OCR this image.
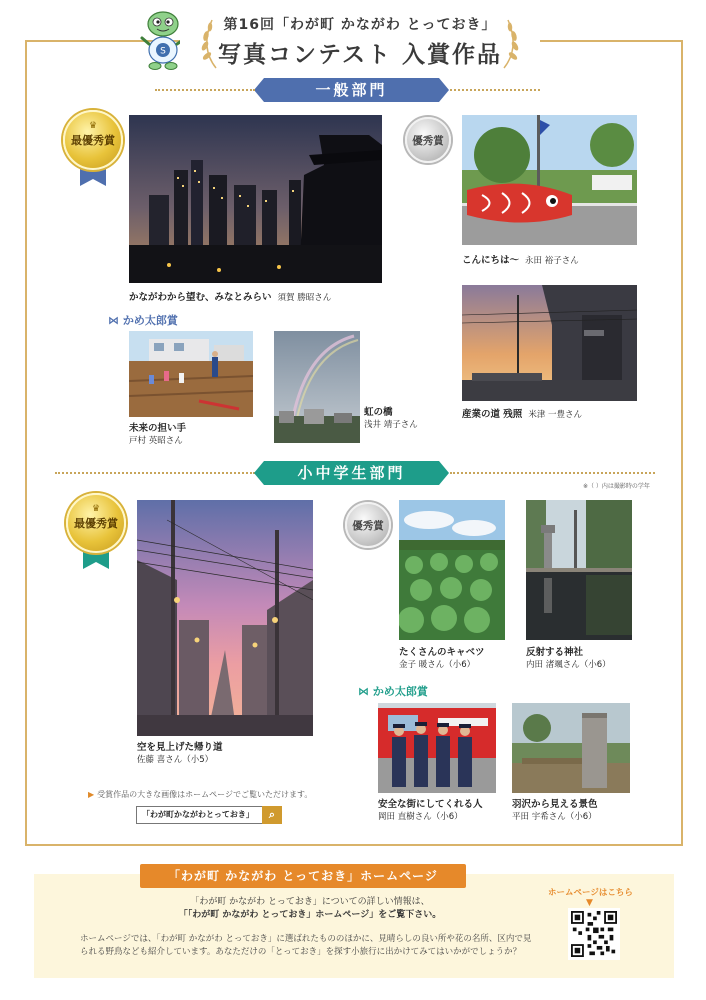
S
第16回「わが町 かながわ とっておき」
写真コンテスト 入賞作品
一般部門
♛
最優秀賞
かながわから望む、みなとみらい 須賀 勝昭さん
優秀賞
こんにちは～ 永田 裕子さん
産業の道 残照 米津 一豊さん
⋈ かめ太郎賞
未来の担い手
戸村 英昭さん
虹の橋
浅井 靖子さん
小中学生部門
※（ ）内は撮影時の学年
♛
最優秀賞
空を見上げた帰り道
佐藤 喜さん（小5）
優秀賞
たくさんのキャベツ
金子 暖さん（小6）
反射する神社
内田 渚颯さん（小6）
⋈ かめ太郎賞
安全な街にしてくれる人
岡田 直樹さん（小6）
羽沢から見える景色
平田 宇希さん（小6）
▶ 受賞作品の大きな画像はホームページでご覧いただけます。
「わが町かながわとっておき」	⌕
「わが町 かながわ とっておき」ホームページ
「わが町 かながわ とっておき」についての詳しい情報は、
「「わが町 かながわ とっておき」ホームページ」をご覧下さい。
ホームページでは、「わが町 かながわ とっておき」に選ばれたもののほかに、見晴らしの良い所や花の名所、区内で見られる野鳥なども紹介しています。あなただけの「とっておき」を探す小旅行に出かけてみてはいかがでしょうか？
ホームページはこちら
▼
